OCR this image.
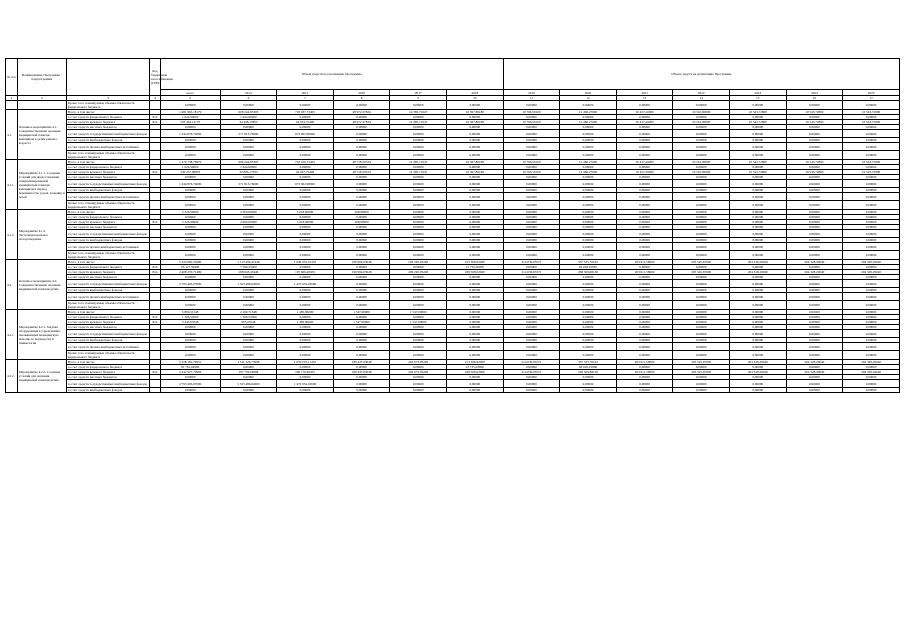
№ п/п	Наименование Программы / подпрограммы		Код бюджетной классификации (ГРБС)	Объем средств на реализацию Программы						Объем средств на реализацию Программы						
				всего	2014	2015	2016	2017	2018	2019	2020	2021	2022	2023	2024	2025
1	2	3	4	5	6	7	8	9	10	11	12	13	14	15	16	17
		Кроме того, планируемые объемы обязательств федерального бюджета		0,00000	0,00000	0,00000	0,00000	0,00000	0,00000	0,00000	0,00000	0,00000	0,00000	0,00000	0,00000	0,00000
4.1.	Основное мероприятие 4.1. Совершенствование оказания медицинской помощи женщинам и детям раннего возраста	Всего, в том числе:		1 481 965,18179	608 244,83303	718 037,73405	48 972,37834	14 385,71947	16 597,86180	10 706,50100	12 466,27000	10 437,20000	10 510,90000	10 543,72800	10 543,72800	10 543,72800
		за счет средств федерального бюджета	814	1 624,90000	1 624,90000	0,00000	0,00000	0,00000	0,00000	0,00000	0,00000	0,00000	0,00000	0,00000	0,00000	0,00000
		за счет средств краевого бюджета	814	235 464,14170	34 438,17803	44 974,75496	48 972,37834	14 385,71947	16 597,86180	10 706,50100	12 466,27000	10 437,20000	10 510,90000	10 543,72800	10 543,72800	10 543,72800
		за счет средств местных бюджетов		0,00000	0,00000	0,00000	0,00000	0,00000	0,00000	0,00000	0,00000	0,00000	0,00000	0,00000	0,00000	0,00000
		за счет средств государственных внебюджетных фондов		1 244 876,74000	571 813,76000	673 062,98000	0,00000	0,00000	0,00000	0,00000	0,00000	0,00000	0,00000	0,00000	0,00000	0,00000
		за счет средств внебюджетных фондов		0,00000	0,00000	0,00000	0,00000	0,00000	0,00000	0,00000	0,00000	0,00000	0,00000	0,00000	0,00000	0,00000
		за счет средств прочих внебюджетных источников		0,00000	0,00000	0,00000	0,00000	0,00000	0,00000	0,00000	0,00000	0,00000	0,00000	0,00000	0,00000	0,00000
		Кроме того, планируемые объемы обязательств федерального бюджета		0,00000	0,00000	0,00000	0,00000	0,00000	0,00000	0,00000	0,00000	0,00000	0,00000	0,00000	0,00000	0,00000
4.1.1.	Мероприятие 4.1.1. Создание условий для предоставления специализированной медицинской помощи женщинам в период беременности, родов, рожениц и детей	Всего, в том числе:		1 476 738,70879	606 244,83303	718 010,73405	48 718,59334	14 385,71947	16 597,86180	10 706,50100	12 466,27000	10 437,20000	10 510,90000	10 543,72800	10 543,72800	10 543,72800
		за счет средств федерального бюджета		1 624,90000	1 624,90000	0,00000	0,00000	0,00000	0,00000	0,00000	0,00000	0,00000	0,00000	0,00000	0,00000	0,00000
		за счет средств краевого бюджета	814	230 237,06870	32 806,17303	44 947,75496	48 718,59334	14 385,71947	16 597,86180	10 706,50100	12 466,27000	10 437,20000	10 510,90000	10 543,72800	10 543,72800	10 543,72800
		за счет средств местных бюджетов		0,00000	0,00000	0,00000	0,00000	0,00000	0,00000	0,00000	0,00000	0,00000	0,00000	0,00000	0,00000	0,00000
		за счет средств государственных внебюджетных фондов		1 244 876,74000	571 813,76000	673 062,98000	0,00000	0,00000	0,00000	0,00000	0,00000	0,00000	0,00000	0,00000	0,00000	0,00000
		за счет средств внебюджетных фондов		0,00000	0,00000	0,00000	0,00000	0,00000	0,00000	0,00000	0,00000	0,00000	0,00000	0,00000	0,00000	0,00000
		за счет средств прочих внебюджетных источников		0,00000	0,00000	0,00000	0,00000	0,00000	0,00000	0,00000	0,00000	0,00000	0,00000	0,00000	0,00000	0,00000
		Кроме того, планируемые объемы обязательств федерального бюджета		0,00000	0,00000	0,00000	0,00000	0,00000	0,00000	0,00000	0,00000	0,00000	0,00000	0,00000	0,00000	0,00000
4.1.2.	Мероприятие 4.1.2. Экстракорпоральное оплодотворение	Всего, в том числе:		5 226,99900	2 000,00000	3 018,00000	208,99900	0,00000	0,00000	0,00000	0,00000	0,00000	0,00000	0,00000	0,00000	0,00000
		за счет средств федерального бюджета		0,00000	0,00000	0,00000	0,00000	0,00000	0,00000	0,00000	0,00000	0,00000	0,00000	0,00000	0,00000	0,00000
		за счет средств краевого бюджета	814	5 226,99900	2 000,00000	3 018,00000	208,99900	0,00000	0,00000	0,00000	0,00000	0,00000	0,00000	0,00000	0,00000	0,00000
		за счет средств местных бюджетов		0,00000	0,00000	0,00000	0,00000	0,00000	0,00000	0,00000	0,00000	0,00000	0,00000	0,00000	0,00000	0,00000
		за счет средств государственных внебюджетных фондов		0,00000	0,00000	0,00000	0,00000	0,00000	0,00000	0,00000	0,00000	0,00000	0,00000	0,00000	0,00000	0,00000
		за счет средств внебюджетных фондов		0,00000	0,00000	0,00000	0,00000	0,00000	0,00000	0,00000	0,00000	0,00000	0,00000	0,00000	0,00000	0,00000
		за счет средств прочих внебюджетных источников		0,00000	0,00000	0,00000	0,00000	0,00000	0,00000	0,00000	0,00000	0,00000	0,00000	0,00000	0,00000	0,00000
		Кроме того, планируемые объемы обязательств федерального бюджета		0,00000	0,00000	0,00000	0,00000	0,00000	0,00000	0,00000	0,00000	0,00000	0,00000	0,00000	0,00000	0,00000
4.2.	Основное мероприятие 4.2. Совершенствование оказания медицинской помощи детям	Всего, в том числе:		5 324 890,32480	1 513 496,47448	1 640 670,91455	190 994,63048	206 220,05248	213 306,92069	214 030,65572	337 535,70102	203 611,58000	203 545,67000	204 328,29040	204 328,29040	204 328,29040
		за счет средств федерального бюджета	814	93 127,59900	7 566,55000	0,00000	0,00000	0,00000	21 735,00000	0,00000	64 026,01965	0,00000	0,00000	0,00000	0,00000	0,00000
		за счет средств краевого бюджета	814	2 408 270,71499	188 643,43446	170 666,48455	190 994,63048	206 220,05248	189 568,02069	214 030,65572	268 509,68136	203 611,58000	203 545,67000	204 328,29040	204 328,29040	204 328,29040
		за счет средств местных бюджетов		0,00000	0,00000	0,00000	0,00000	0,00000	0,00000	0,00000	0,00000	0,00000	0,00000	0,00000	0,00000	0,00000
		за счет средств государственных внебюджетных фондов		2 793 493,07000	1 323 486,64000	1 470 054,43000	0,00000	0,00000	0,00000	0,00000	0,00000	0,00000	0,00000	0,00000	0,00000	0,00000
		за счет средств внебюджетных фондов		0,00000	0,00000	0,00000	0,00000	0,00000	0,00000	0,00000	0,00000	0,00000	0,00000	0,00000	0,00000	0,00000
		за счет средств прочих внебюджетных источников		0,00000	0,00000	0,00000	0,00000	0,00000	0,00000	0,00000	0,00000	0,00000	0,00000	0,00000	0,00000	0,00000
		Кроме того, планируемые объемы обязательств федерального бюджета		0,00000	0,00000	0,00000	0,00000	0,00000	0,00000	0,00000	0,00000	0,00000	0,00000	0,00000	0,00000	0,00000
4.2.1.	Мероприятие 4.2.1. Закупка оборудования в учреждениях, оказывающих медицинскую помощь по акушерству и гинекологии	Всего, в том числе:		5 800,51548	2 269,71548	1 485,80000	1 547,00000	1 547,00000	0,00000	0,00000	0,00000	0,00000	0,00000	0,00000	0,00000	0,00000
		за счет средств федерального бюджета	814	1 366,55000	1 366,55000	0,00000	0,00000	0,00000	0,00000	0,00000	0,00000	0,00000	0,00000	0,00000	0,00000	0,00000
		за счет средств краевого бюджета	814	5 443,03548	903,23548	1 485,80000	1 547,00000	1 547,00000	0,00000	0,00000	0,00000	0,00000	0,00000	0,00000	0,00000	0,00000
		за счет средств местных бюджетов		0,00000	0,00000	0,00000	0,00000	0,00000	0,00000	0,00000	0,00000	0,00000	0,00000	0,00000	0,00000	0,00000
		за счет средств государственных внебюджетных фондов		0,00000	0,00000	0,00000	0,00000	0,00000	0,00000	0,00000	0,00000	0,00000	0,00000	0,00000	0,00000	0,00000
		за счет средств внебюджетных фондов		0,00000	0,00000	0,00000	0,00000	0,00000	0,00000	0,00000	0,00000	0,00000	0,00000	0,00000	0,00000	0,00000
		за счет средств прочих внебюджетных источников		0,00000	0,00000	0,00000	0,00000	0,00000	0,00000	0,00000	0,00000	0,00000	0,00000	0,00000	0,00000	0,00000
		Кроме того, планируемые объемы обязательств федерального бюджета		0,00000	0,00000	0,00000	0,00000	0,00000	0,00000	0,00000	0,00000	0,00000	0,00000	0,00000	0,00000	0,00000
4.2.2.	Мероприятие 4.2.2. Создание условий для оказания медицинской помощи детям	Всего, в том числе:		5 328 181,79931	1 511 226,75998	1 639 225,11455	189 447,63048	204 673,05248	213 306,92069	214 030,65572	337 535,70102	203 611,58000	203 545,67000	204 328,29040	204 328,29040	204 328,29040
		за счет средств федерального бюджета		91 761,04966	0,00000	0,00000	0,00000	0,00000	23 735,03000	0,00000	68 026,01966	0,00000	0,00000	0,00000	0,00000	0,00000
		за счет средств краевого бюджета	814	2 442 927,70966	187 736,09998	169 170,68455	189 447,63048	204 673,05248	189 568,02069	214 030,65572	269 509,68136	203 611,58000	203 545,67000	204 328,29040	204 328,29040	204 328,29040
		за счет средств местных бюджетов		0,00000	0,00000	0,00000	0,00000	0,00000	0,00000	0,00000	0,00000	0,00000	0,00000	0,00000	0,00000	0,00000
		за счет средств государственных внебюджетных фондов		2 793 493,07000	1 323 486,64000	1 470 054,43000	0,00000	0,00000	0,00000	0,00000	0,00000	0,00000	0,00000	0,00000	0,00000	0,00000
		за счет средств внебюджетных фондов		0,00000	0,00000	0,00000	0,00000	0,00000	0,00000	0,00000	0,00000	0,00000	0,00000	0,00000	0,00000	0,00000
